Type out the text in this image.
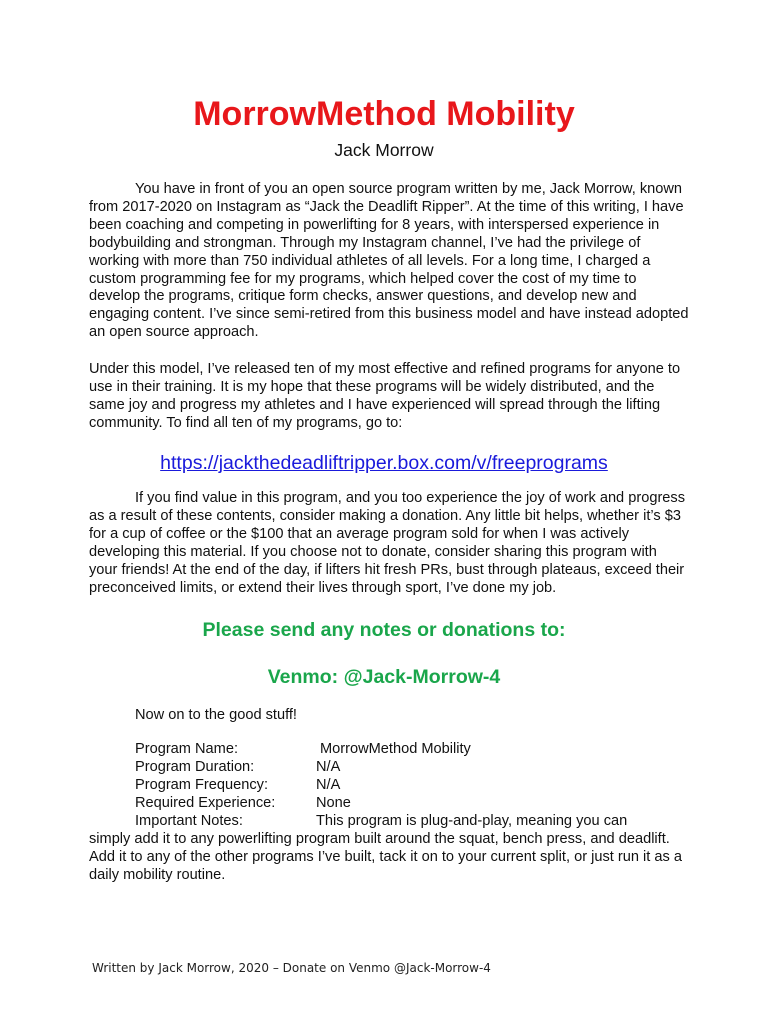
MorrowMethod Mobility
Jack Morrow

You have in front of you an open source program written by me, Jack Morrow, known from 2017-2020 on Instagram as “Jack the Deadlift Ripper”. At the time of this writing, I have been coaching and competing in powerlifting for 8 years, with interspersed experience in bodybuilding and strongman. Through my Instagram channel, I’ve had the privilege of working with more than 750 individual athletes of all levels. For a long time, I charged a custom programming fee for my programs, which helped cover the cost of my time to develop the programs, critique form checks, answer questions, and develop new and engaging content. I’ve since semi-retired from this business model and have instead adopted an open source approach.

Under this model, I’ve released ten of my most effective and refined programs for anyone to use in their training. It is my hope that these programs will be widely distributed, and the same joy and progress my athletes and I have experienced will spread through the lifting community. To find all ten of my programs, go to:

https://jackthedeadliftripper.box.com/v/freeprograms

If you find value in this program, and you too experience the joy of work and progress as a result of these contents, consider making a donation. Any little bit helps, whether it’s $3 for a cup of coffee or the $100 that an average program sold for when I was actively developing this material. If you choose not to donate, consider sharing this program with your friends! At the end of the day, if lifters hit fresh PRs, bust through plateaus, exceed their preconceived limits, or extend their lives through sport, I’ve done my job.

Please send any notes or donations to:
Venmo: @Jack-Morrow-4
Now on to the good stuff!
Program Name:	MorrowMethod Mobility
Program Duration:	N/A
Program Frequency:	N/A
Required Experience:	None
Important Notes:	This program is plug-and-play, meaning you can

simply add it to any powerlifting program built around the squat, bench press, and deadlift. Add it to any of the other programs I’ve built, tack it on to your current split, or just run it as a daily mobility routine.

Written by Jack Morrow, 2020 – Donate on Venmo @Jack-Morrow-4
